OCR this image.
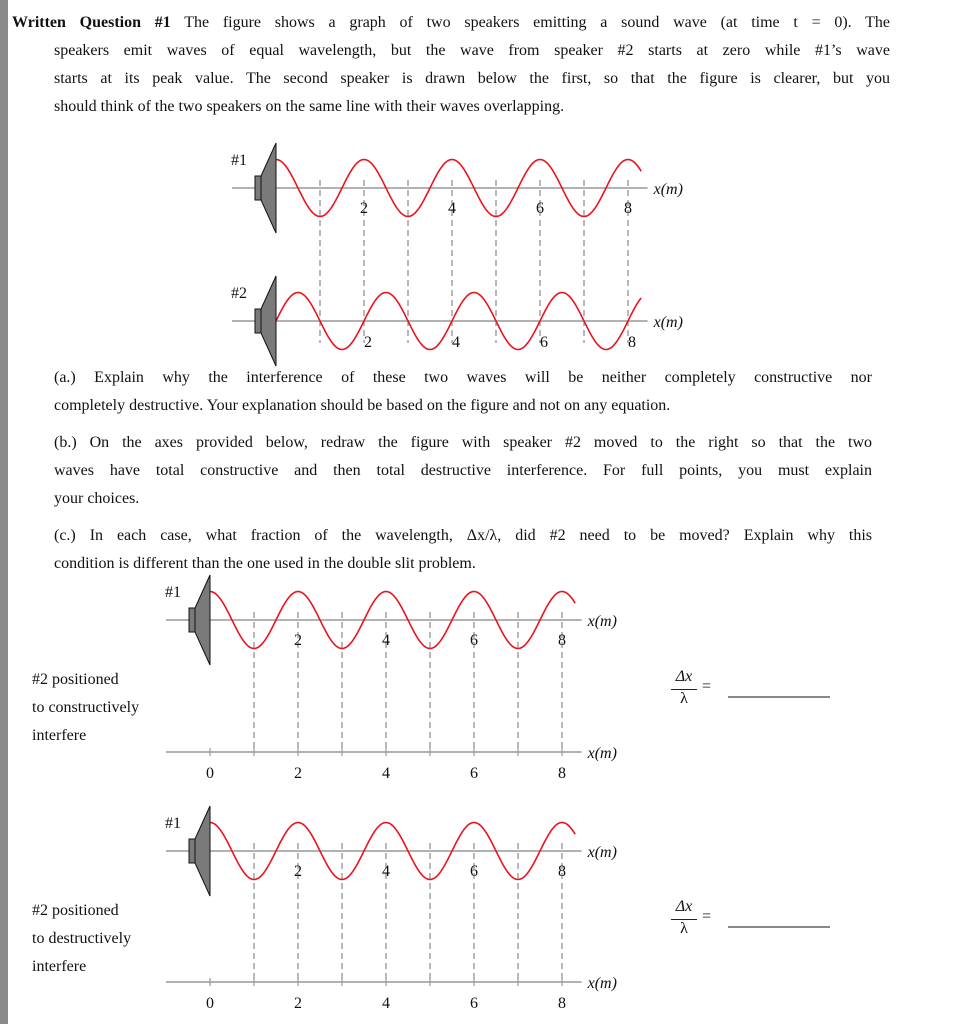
Written Question #1 The figure shows a graph of two speakers emitting a sound wave (at time t = 0). The
speakers emit waves of equal wavelength, but the wave from speaker #2 starts at zero while #1’s wave
starts at its peak value. The second speaker is drawn below the first, so that the figure is clearer, but you
should think of the two speakers on the same line with their waves overlapping.
(a.) Explain why the interference of these two waves will be neither completely constructive nor
completely destructive. Your explanation should be based on the figure and not on any equation.
(b.) On the axes provided below, redraw the figure with speaker #2 moved to the right so that the two
waves have total constructive and then total destructive interference. For full points, you must explain
your choices.
(c.) In each case, what fraction of the wavelength, Δx/λ, did #2 need to be moved? Explain why this
condition is different than the one used in the double slit problem.
#2 positioned
to constructively
interfere
#2 positioned
to destructively
interfere
Δx
λ
=
Δx
λ
=
x(m)
x(m)
2
2
4
4
6
6
8
8
#1
#2
x(m)
x(m)
0	2	4	6	8
2	4	6	8
#1
x(m)
x(m)
0	2	4	6	8
2	4	6	8
#1
